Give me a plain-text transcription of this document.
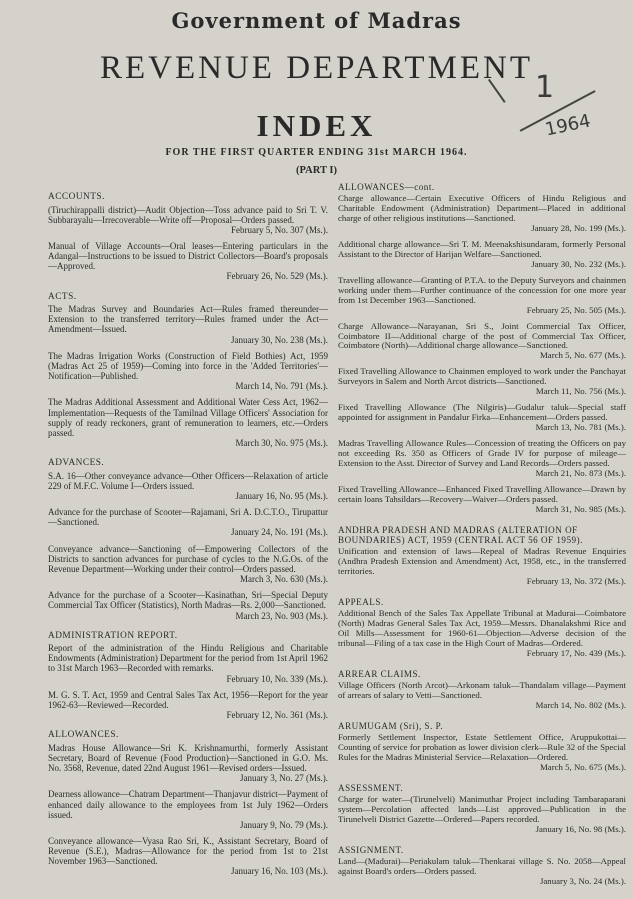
Government of Madras
REVENUE DEPARTMENT
INDEX
FOR THE FIRST QUARTER ENDING 31st MARCH 1964.
(PART I)
1
1964
ACCOUNTS.
(Tiruchirappalli district)—Audit Objection—Toss advance paid to Sri T. V. Subbarayalu—Irrecoverable—Write off—Proposal—Orders passed.
February 5, No. 307 (Ms.).
Manual of Village Accounts—Oral leases—Entering particulars in the Adangal—Instructions to be issued to District Collectors—Board's proposals—Approved.
February 26, No. 529 (Ms.).
ACTS.
The Madras Survey and Boundaries Act—Rules framed thereunder—Extension to the transferred territory—Rules framed under the Act—Amendment—Issued.
January 30, No. 238 (Ms.).
The Madras Irrigation Works (Construction of Field Bothies) Act, 1959 (Madras Act 25 of 1959)—Coming into force in the 'Added Territories'—Notification—Published.
March 14, No. 791 (Ms.).
The Madras Additional Assessment and Additional Water Cess Act, 1962—Implementation—Requests of the Tamilnad Village Officers' Association for supply of ready reckoners, grant of remuneration to learners, etc.—Orders passed.
March 30, No. 975 (Ms.).
ADVANCES.
S.A. 16—Other conveyance advance—Other Officers—Relaxation of article 229 of M.F.C. Volume I—Orders issued.
January 16, No. 95 (Ms.).
Advance for the purchase of Scooter—Rajamani, Sri A. D.C.T.O., Tirupattur—Sanctioned.
January 24, No. 191 (Ms.).
Conveyance advance—Sanctioning of—Empowering Collectors of the Districts to sanction advances for purchase of cycles to the N.G.Os. of the Revenue Department—Working under their control—Orders passed.
March 3, No. 630 (Ms.).
Advance for the purchase of a Scooter—Kasinathan, Sri—Special Deputy Commercial Tax Officer (Statistics), North Madras—Rs. 2,000—Sanctioned.
March 23, No. 903 (Ms.).
ADMINISTRATION REPORT.
Report of the administration of the Hindu Religious and Charitable Endowments (Administration) Department for the period from 1st April 1962 to 31st March 1963—Recorded with remarks.
February 10, No. 339 (Ms.).
M. G. S. T. Act, 1959 and Central Sales Tax Act, 1956—Report for the year 1962-63—Reviewed—Recorded.
February 12, No. 361 (Ms.).
ALLOWANCES.
Madras House Allowance—Sri K. Krishnamurthi, formerly Assistant Secretary, Board of Revenue (Food Production)—Sanctioned in G.O. Ms. No. 3568, Revenue, dated 22nd August 1961—Revised orders—Issued.
January 3, No. 27 (Ms.).
Dearness allowance—Chatram Department—Thanjavur district—Payment of enhanced daily allowance to the employees from 1st July 1962—Orders issued.
January 9, No. 79 (Ms.).
Conveyance allowance—Vyasa Rao Sri, K., Assistant Secretary, Board of Revenue (S.E.), Madras—Allowance for the period from 1st to 21st November 1963—Sanctioned.
January 16, No. 103 (Ms.).
ALLOWANCES—cont.
Charge allowance—Certain Executive Officers of Hindu Religious and Charitable Endowment (Administration) Department—Placed in additional charge of other religious institutions—Sanctioned.
January 28, No. 199 (Ms.).
Additional charge allowance—Sri T. M. Meenakshisundaram, formerly Personal Assistant to the Director of Harijan Welfare—Sanctioned.
January 30, No. 232 (Ms.).
Travelling allowance—Granting of P.T.A. to the Deputy Surveyors and chainmen working under them—Further continuance of the concession for one more year from 1st December 1963—Sanctioned.
February 25, No. 505 (Ms.).
Charge Allowance—Narayanan, Sri S., Joint Commercial Tax Officer, Coimbatore II—Additional charge of the post of Commercial Tax Officer, Coimbatore (North)—Additional charge allowance—Sanctioned.
March 5, No. 677 (Ms.).
Fixed Travelling Allowance to Chainmen employed to work under the Panchayat Surveyors in Salem and North Arcot districts—Sanctioned.
March 11, No. 756 (Ms.).
Fixed Travelling Allowance (The Nilgiris)—Gudalur taluk—Special staff appointed for assignment in Pandalur Firka—Enhancement—Orders passed.
March 13, No. 781 (Ms.).
Madras Travelling Allowance Rules—Concession of treating the Officers on pay not exceeding Rs. 350 as Officers of Grade IV for purpose of mileage—Extension to the Asst. Director of Survey and Land Records—Orders passed.
March 21, No. 873 (Ms.).
Fixed Travelling Allowance—Enhanced Fixed Travelling Allowance—Drawn by certain loans Tahsildars—Recovery—Waiver—Orders passed.
March 31, No. 985 (Ms.).
ANDHRA PRADESH AND MADRAS (ALTERATION OF BOUNDARIES) ACT, 1959 (CENTRAL ACT 56 OF 1959).
Unification and extension of laws—Repeal of Madras Revenue Enquiries (Andhra Pradesh Extension and Amendment) Act, 1958, etc., in the transferred territories.
February 13, No. 372 (Ms.).
APPEALS.
Additional Bench of the Sales Tax Appellate Tribunal at Madurai—Coimbatore (North) Madras General Sales Tax Act, 1959—Messrs. Dhanalakshmi Rice and Oil Mills—Assessment for 1960-61—Objection—Adverse decision of the tribunal—Filing of a tax case in the High Court of Madras—Ordered.
February 17, No. 439 (Ms.).
ARREAR CLAIMS.
Village Officers (North Arcot)—Arkonam taluk—Thandalam village—Payment of arrears of salary to Vetti—Sanctioned.
March 14, No. 802 (Ms.).
ARUMUGAM (Sri), S. P.
Formerly Settlement Inspector, Estate Settlement Office, Aruppukottai—Counting of service for probation as lower division clerk—Rule 32 of the Special Rules for the Madras Ministerial Service—Relaxation—Ordered.
March 5, No. 675 (Ms.).
ASSESSMENT.
Charge for water—(Tirunelveli) Manimuthar Project including Tambaraparani system—Percolation affected lands—List approved—Publication in the Tirunelveli District Gazette—Ordered—Papers recorded.
January 16, No. 98 (Ms.).
ASSIGNMENT.
Land—(Madurai)—Periakulam taluk—Thenkarai village S. No. 2058—Appeal against Board's orders—Orders passed.
January 3, No. 24 (Ms.).
